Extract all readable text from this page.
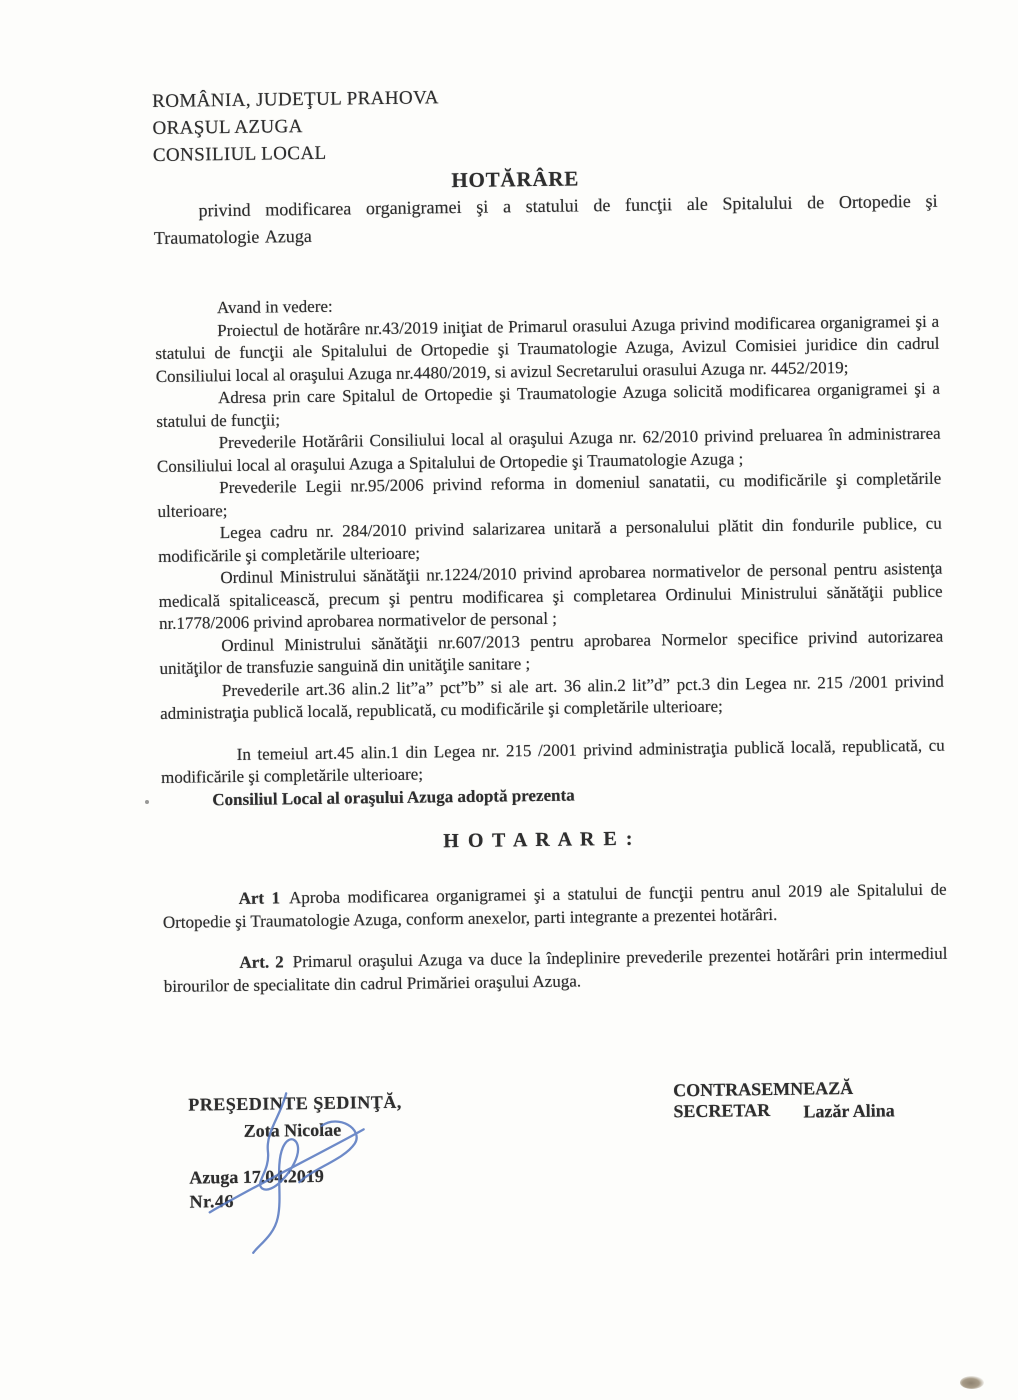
ROMÂNIA, JUDEŢUL PRAHOVA
ORAŞUL AZUGA
CONSILIUL LOCAL
HOTĂRÂRE

privind modificarea organigramei şi a statului de funcţii ale Spitalului de Ortopedie şi Traumatologie Azuga

Avand in vedere:

Proiectul de hotărâre nr.43/2019 iniţiat de Primarul orasului Azuga privind modificarea organigramei şi a statului de funcţii ale Spitalului de Ortopedie şi Traumatologie Azuga, Avizul Comisiei juridice din cadrul Consiliului local al oraşului Azuga nr.4480/2019, si avizul Secretarului orasului Azuga nr. 4452/2019;

Adresa prin care Spitalul de Ortopedie şi Traumatologie Azuga solicită modificarea organigramei şi a statului de funcţii;

Prevederile Hotărârii Consiliului local al oraşului Azuga nr. 62/2010 privind preluarea în administrarea Consiliului local al oraşului Azuga a Spitalului de Ortopedie şi Traumatologie Azuga ;

Prevederile Legii nr.95/2006 privind reforma in domeniul sanatatii, cu modificările şi completările ulterioare;

Legea cadru nr. 284/2010 privind salarizarea unitară a personalului plătit din fondurile publice, cu modificările şi completările ulterioare;

Ordinul Ministrului sănătăţii nr.1224/2010 privind aprobarea normativelor de personal pentru asistenţa medicală spitalicească, precum şi pentru modificarea şi completarea Ordinului Ministrului sănătăţii publice nr.1778/2006 privind aprobarea normativelor de personal ;

Ordinul Ministrului sănătăţii nr.607/2013 pentru aprobarea Normelor specifice privind autorizarea unităţilor de transfuzie sanguină din unităţile sanitare ;

Prevederile art.36 alin.2 lit”a” pct”b” si ale art. 36 alin.2 lit”d” pct.3 din Legea nr. 215 /2001 privind administraţia publică locală, republicată, cu modificările şi completările ulterioare;

In temeiul art.45 alin.1 din Legea nr. 215 /2001 privind administraţia publică locală, republicată, cu modificările şi completările ulterioare;

Consiliul Local al oraşului Azuga adoptă prezenta

H O T A R A R E :

Art 1 Aproba modificarea organigramei şi a statului de funcţii pentru anul 2019 ale Spitalului de Ortopedie şi Traumatologie Azuga, conform anexelor, parti integrante a prezentei hotărâri.

Art. 2 Primarul oraşului Azuga va duce la îndeplinire prevederile prezentei hotărâri prin intermediul birourilor de specialitate din cadrul Primăriei oraşului Azuga.

PREŞEDINTE ŞEDINŢĂ,
Zota Nicolae
CONTRASEMNEAZĂ SECRETAR	Lazăr Alina
Azuga 17.04.2019
Nr.46
